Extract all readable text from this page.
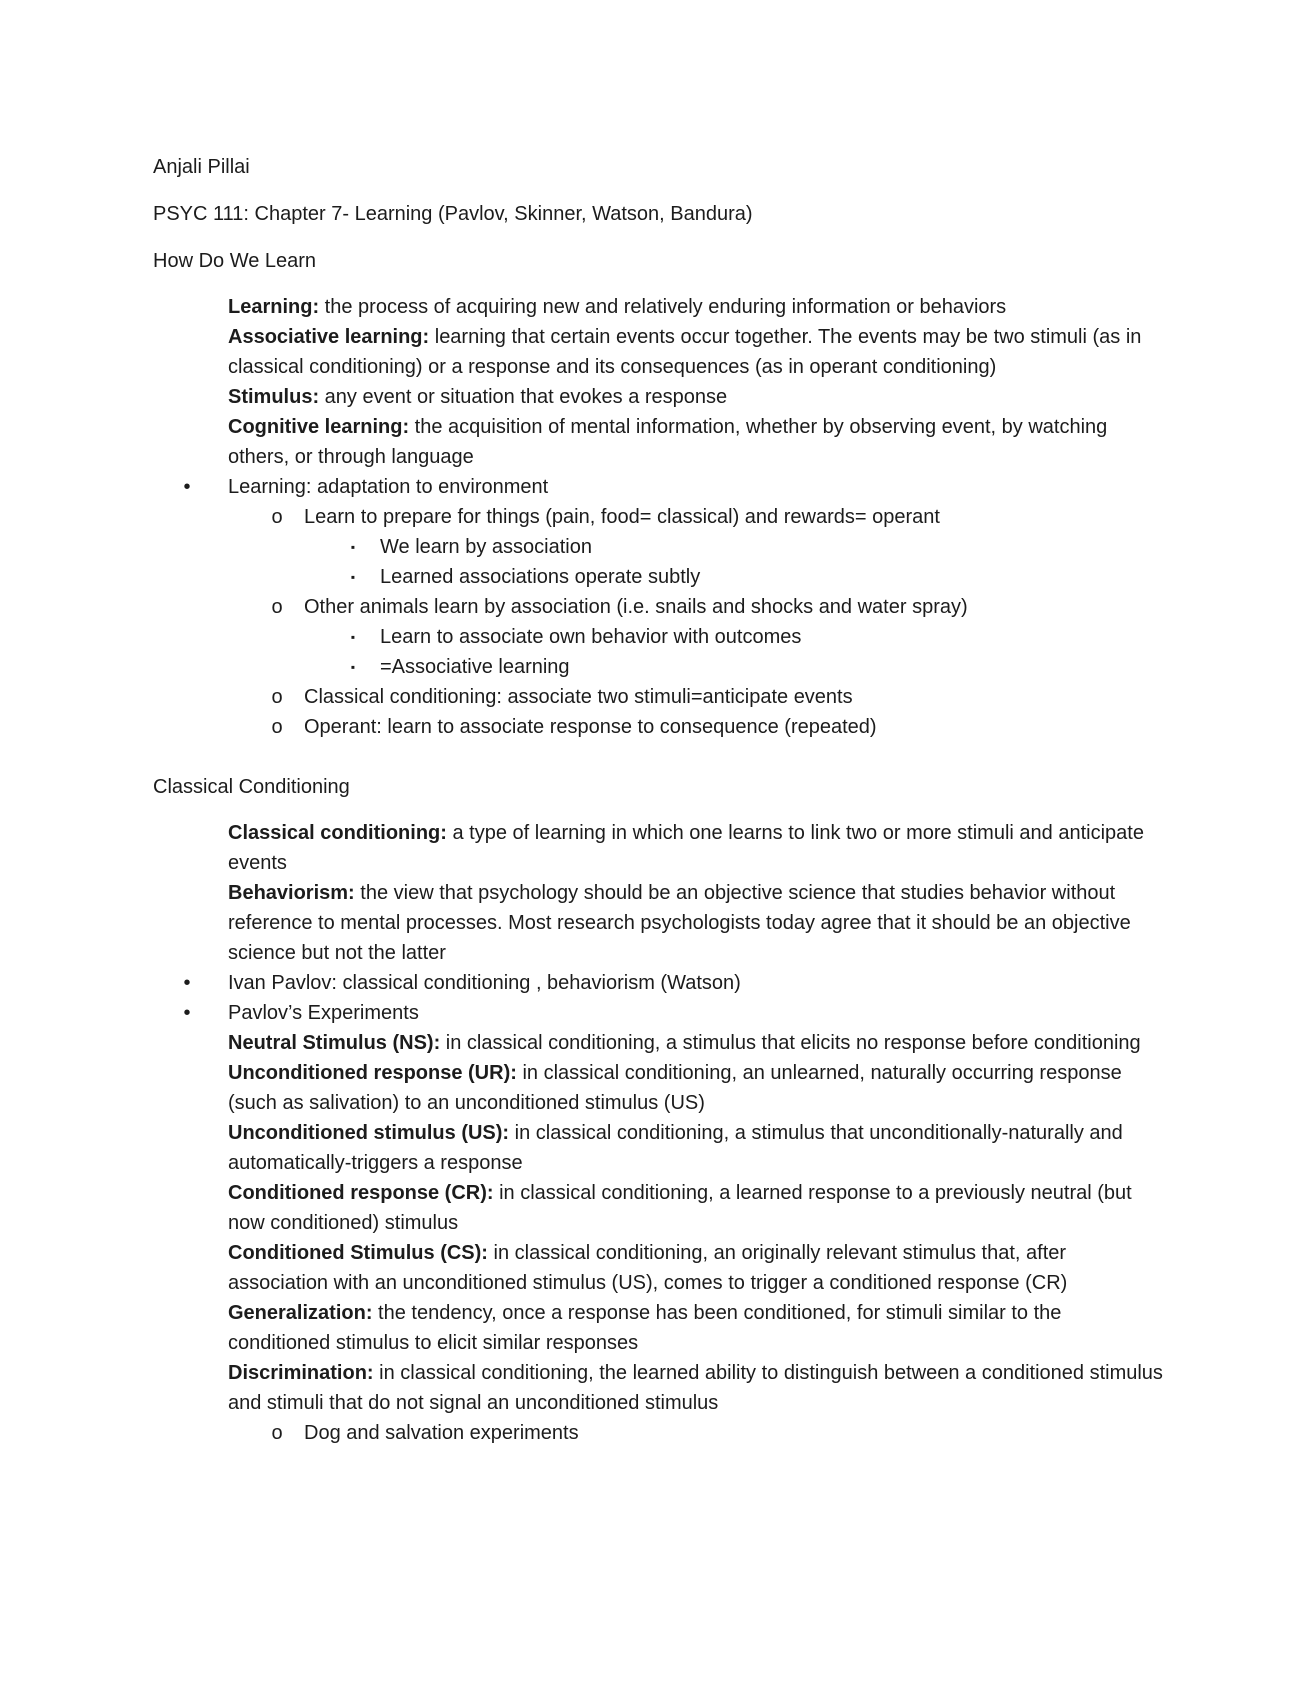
Anjali Pillai
PSYC 111: Chapter 7- Learning (Pavlov, Skinner, Watson, Bandura)
How Do We Learn

Learning: the process of acquiring new and relatively enduring information or behaviors

Associative learning: learning that certain events occur together. The events may be two stimuli (as in classical conditioning) or a response and its consequences (as in operant conditioning)

Stimulus: any event or situation that evokes a response

Cognitive learning: the acquisition of mental information, whether by observing event, by watching others, or through language

•	Learning: adaptation to environment
o	Learn to prepare for things (pain, food= classical) and rewards= operant
▪	We learn by association
▪	Learned associations operate subtly
o	Other animals learn by association (i.e. snails and shocks and water spray)
▪	Learn to associate own behavior with outcomes
▪	=Associative learning
o	Classical conditioning: associate two stimuli=anticipate events
o	Operant: learn to associate response to consequence (repeated)
Classical Conditioning

Classical conditioning: a type of learning in which one learns to link two or more stimuli and anticipate events

Behaviorism: the view that psychology should be an objective science that studies behavior without reference to mental processes. Most research psychologists today agree that it should be an objective science but not the latter

•	Ivan Pavlov: classical conditioning , behaviorism (Watson)
•	Pavlov’s Experiments

Neutral Stimulus (NS): in classical conditioning, a stimulus that elicits no response before conditioning

Unconditioned response (UR): in classical conditioning, an unlearned, naturally occurring response (such as salivation) to an unconditioned stimulus (US)

Unconditioned stimulus (US): in classical conditioning, a stimulus that unconditionally-naturally and automatically-triggers a response

Conditioned response (CR): in classical conditioning, a learned response to a previously neutral (but now conditioned) stimulus

Conditioned Stimulus (CS): in classical conditioning, an originally relevant stimulus that, after association with an unconditioned stimulus (US), comes to trigger a conditioned response (CR)

Generalization: the tendency, once a response has been conditioned, for stimuli similar to the conditioned stimulus to elicit similar responses

Discrimination: in classical conditioning, the learned ability to distinguish between a conditioned stimulus and stimuli that do not signal an unconditioned stimulus

o	Dog and salvation experiments
